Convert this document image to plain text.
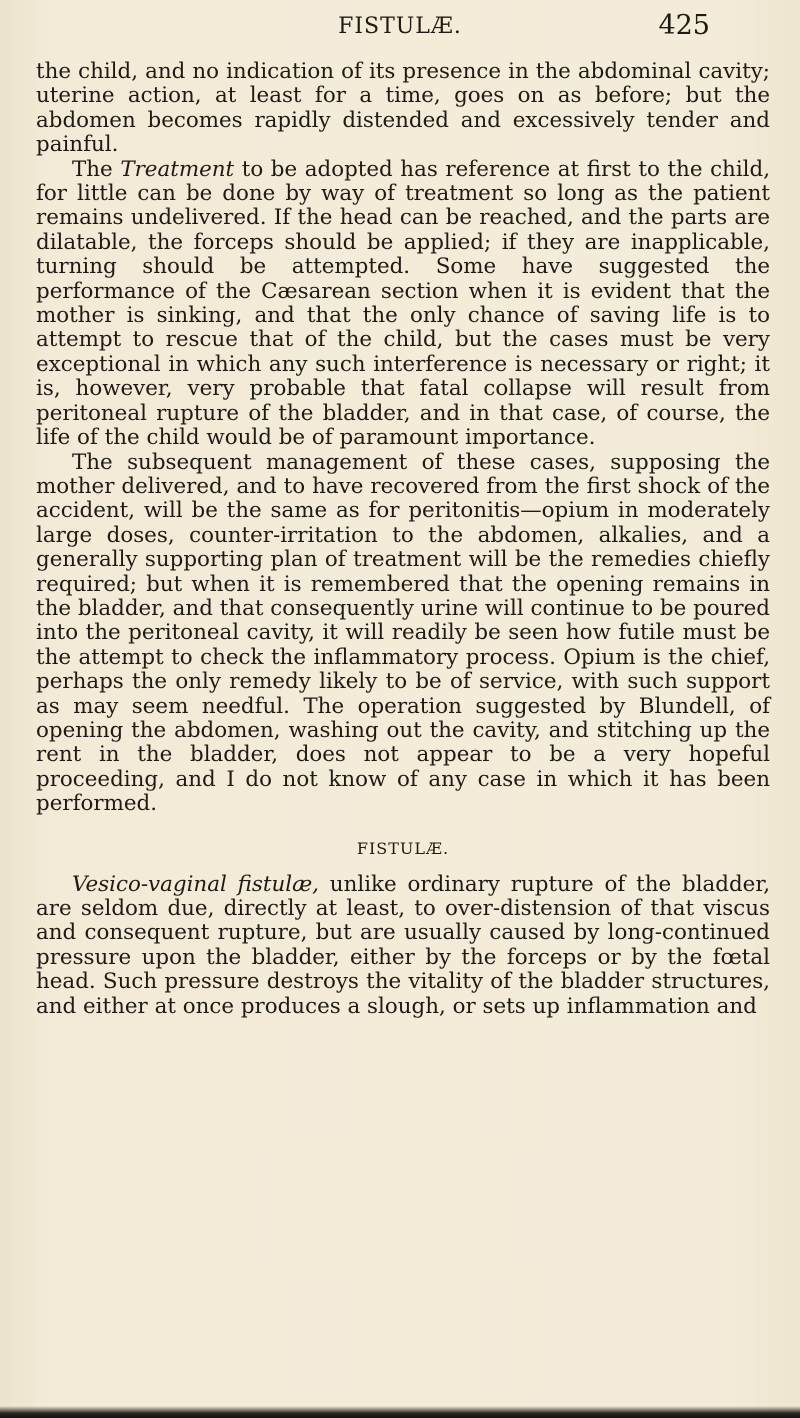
FISTULÆ.	425

the child, and no indication of its presence in the abdominal cavity; uterine action, at least for a time, goes on as before; but the abdomen becomes rapidly distended and excessively tender and painful.

The Treatment to be adopted has reference at first to the child, for little can be done by way of treatment so long as the patient remains undelivered. If the head can be reached, and the parts are dilatable, the forceps should be applied; if they are inapplicable, turning should be attempted. Some have suggested the performance of the Cæsarean section when it is evident that the mother is sinking, and that the only chance of saving life is to attempt to rescue that of the child, but the cases must be very exceptional in which any such interference is necessary or right; it is, however, very probable that fatal collapse will result from peritoneal rupture of the bladder, and in that case, of course, the life of the child would be of paramount importance.

The subsequent management of these cases, supposing the mother delivered, and to have recovered from the first shock of the accident, will be the same as for peritonitis—opium in moderately large doses, counter-irritation to the abdomen, alkalies, and a generally supporting plan of treatment will be the remedies chiefly required; but when it is remembered that the opening remains in the bladder, and that consequently urine will continue to be poured into the peritoneal cavity, it will readily be seen how futile must be the attempt to check the inflammatory process. Opium is the chief, perhaps the only remedy likely to be of service, with such support as may seem needful. The operation suggested by Blundell, of opening the abdomen, washing out the cavity, and stitching up the rent in the bladder, does not appear to be a very hopeful proceeding, and I do not know of any case in which it has been performed.

FISTULÆ.

Vesico-vaginal fistulæ, unlike ordinary rupture of the bladder, are seldom due, directly at least, to over-distension of that viscus and consequent rupture, but are usually caused by long-continued pressure upon the bladder, either by the forceps or by the fœtal head. Such pressure destroys the vitality of the bladder structures, and either at once produces a slough, or sets up inflammation and
